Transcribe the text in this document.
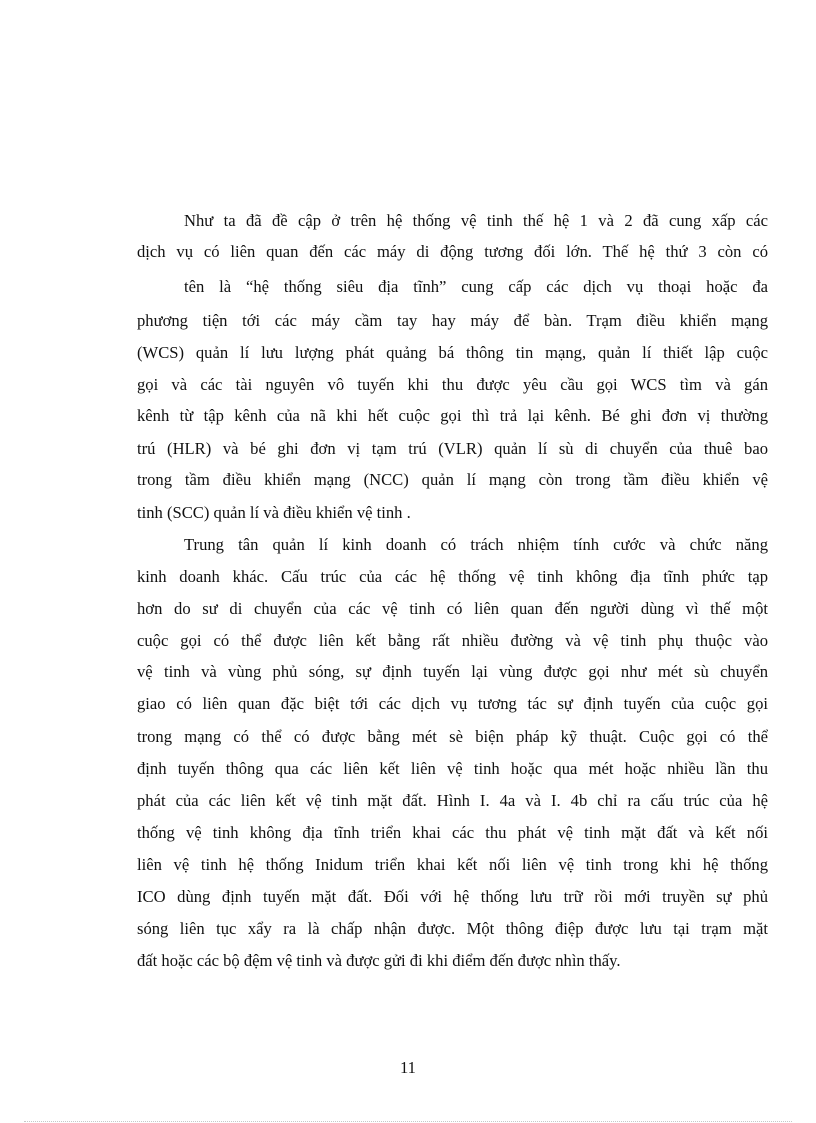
Như ta đã đề cập ở trên hệ thống vệ tinh thế hệ 1 và 2 đã cung xấp các
dịch vụ có liên quan đến các máy di động tương đối lớn. Thế hệ thứ 3 còn có
tên là “hệ thống siêu địa tĩnh” cung cấp các dịch vụ thoại hoặc đa
phương tiện tới các máy cầm tay hay máy để bàn. Trạm điều khiển mạng
(WCS) quản lí lưu lượng phát quảng bá thông tin mạng, quản lí thiết lập cuộc
gọi và các tài nguyên vô tuyến khi thu được yêu cầu gọi WCS tìm và gán
kênh từ tập kênh của nã khi hết cuộc gọi thì trả lại kênh. Bé ghi đơn vị thường
trú (HLR) và bé ghi đơn vị tạm trú (VLR) quản lí sù di chuyển của thuê bao
trong tầm điều khiển mạng (NCC) quản lí mạng còn trong tầm điều khiển vệ
tinh (SCC) quản lí và điều khiển vệ tinh .
Trung tân quản lí kinh doanh có trách nhiệm tính cước và chức năng
kinh doanh khác. Cấu trúc của các hệ thống vệ tinh không địa tĩnh phức tạp
hơn do sư di chuyển của các vệ tinh có liên quan đến người dùng vì thế một
cuộc gọi có thể được liên kết bằng rất nhiều đường và vệ tinh phụ thuộc vào
vệ tinh và vùng phủ sóng, sự định tuyến lại vùng được gọi như mét sù chuyển
giao có liên quan đặc biệt tới các dịch vụ tương tác sự định tuyến của cuộc gọi
trong mạng có thể có được bằng mét sè biện pháp kỹ thuật. Cuộc gọi có thể
định tuyến thông qua các liên kết liên vệ tinh hoặc qua mét hoặc nhiều lần thu
phát của các liên kết vệ tinh mặt đất. Hình I. 4a và I. 4b chỉ ra cấu trúc của hệ
thống vệ tinh không địa tĩnh triển khai các thu phát vệ tinh mặt đất và kết nối
liên vệ tinh hệ thống Inidum triển khai kết nối liên vệ tinh trong khi hệ thống
ICO dùng định tuyến mặt đất. Đối với hệ thống lưu trữ rồi mới truyền sự phủ
sóng liên tục xẩy ra là chấp nhận được. Một thông điệp được lưu tại trạm mặt
đất hoặc các bộ đệm vệ tinh và được gửi đi khi điểm đến được nhìn thấy.
11
